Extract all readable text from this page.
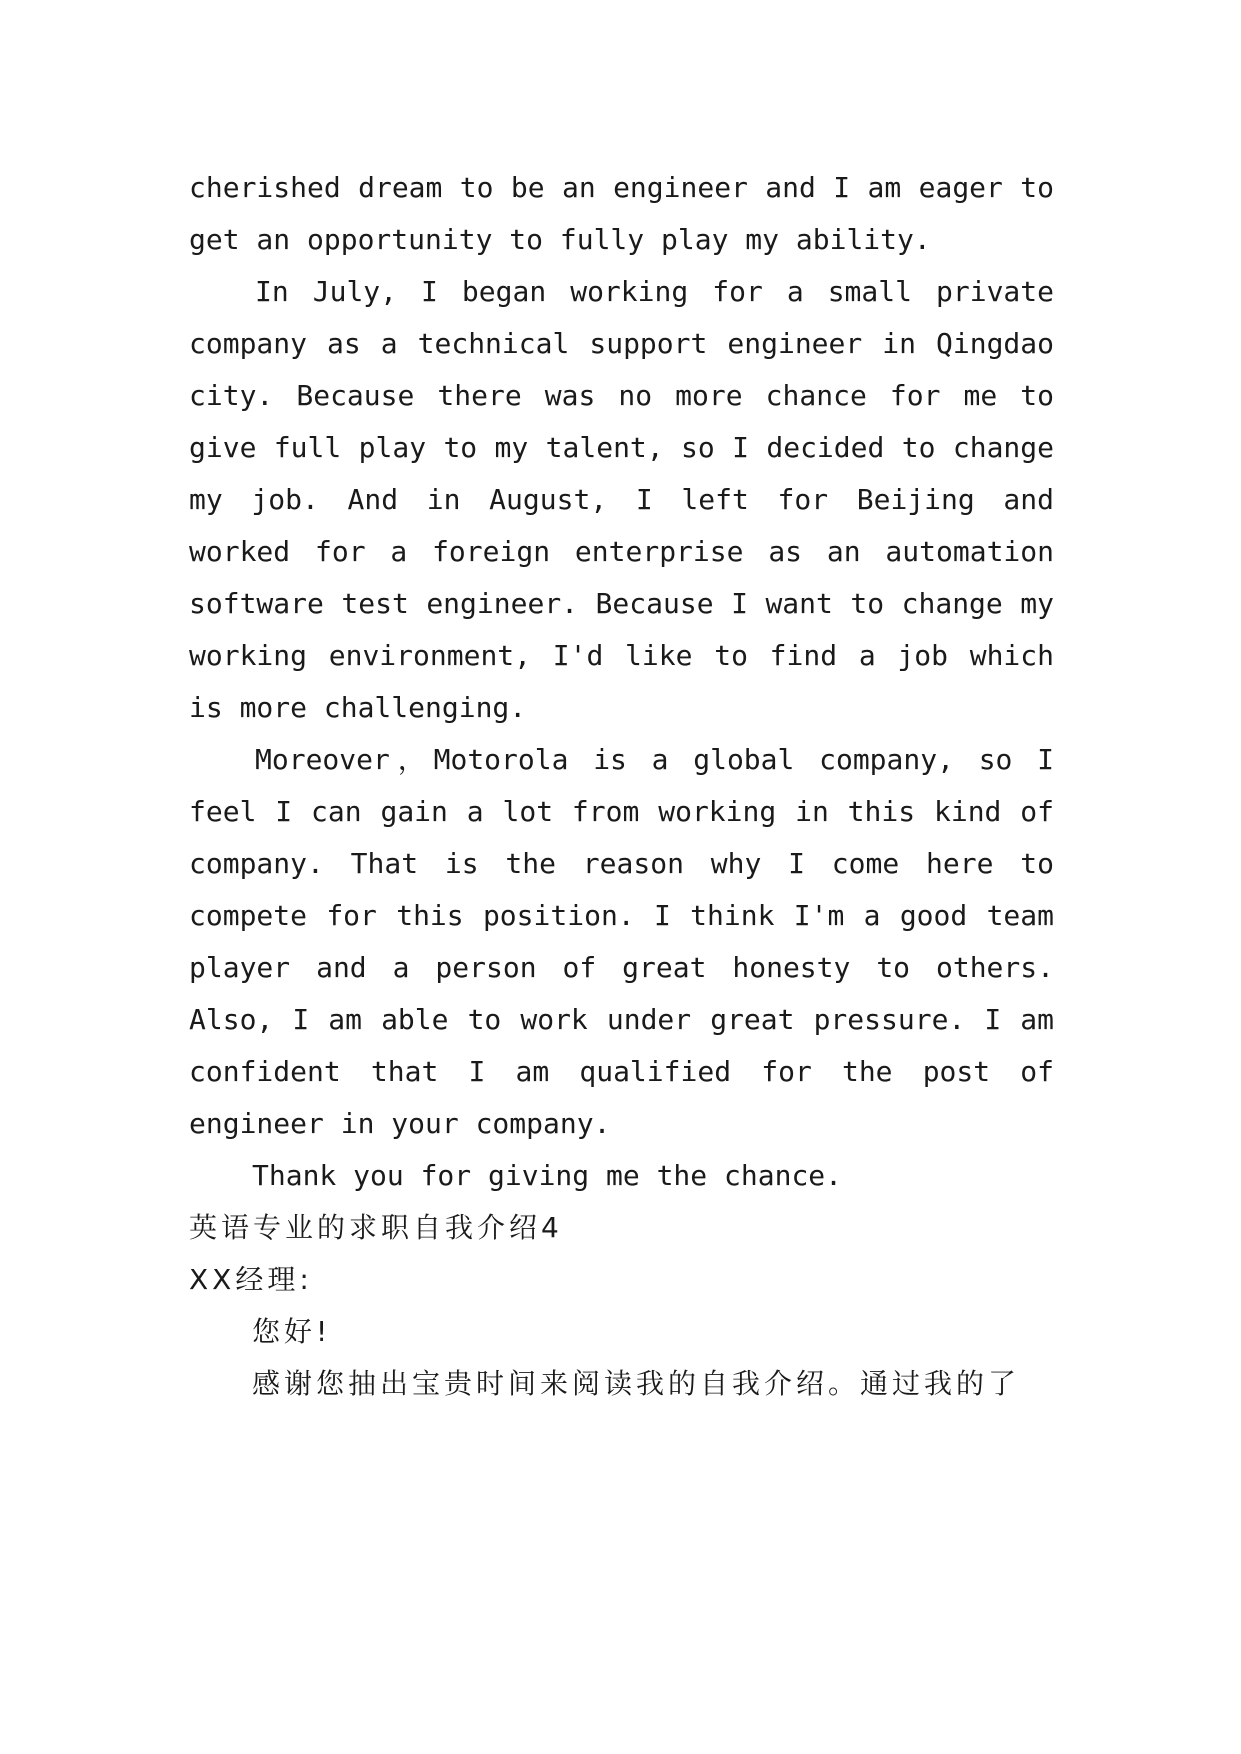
cherished dream to be an engineer and I am eager to
get an opportunity to fully play my ability.
In July, I began working for a small private
company as a technical support engineer in Qingdao
city. Because there was no more chance for me to
give full play to my talent, so I decided to change
my job. And in August, I left for Beijing and
worked for a foreign enterprise as an automation
software test engineer. Because I want to change my
working environment, I'd like to find a job which
is more challenging.
Moreover，Motorola is a global company, so I
feel I can gain a lot from working in this kind of
company. That is the reason why I come here to
compete for this position. I think I'm a good team
player and a person of great honesty to others.
Also, I am able to work under great pressure. I am
confident that I am qualified for the post of
engineer in your company.
Thank you for giving me the chance.
英语专业的求职自我介绍4
XX经理:
您好!
感谢您抽出宝贵时间来阅读我的自我介绍。通过我的了
